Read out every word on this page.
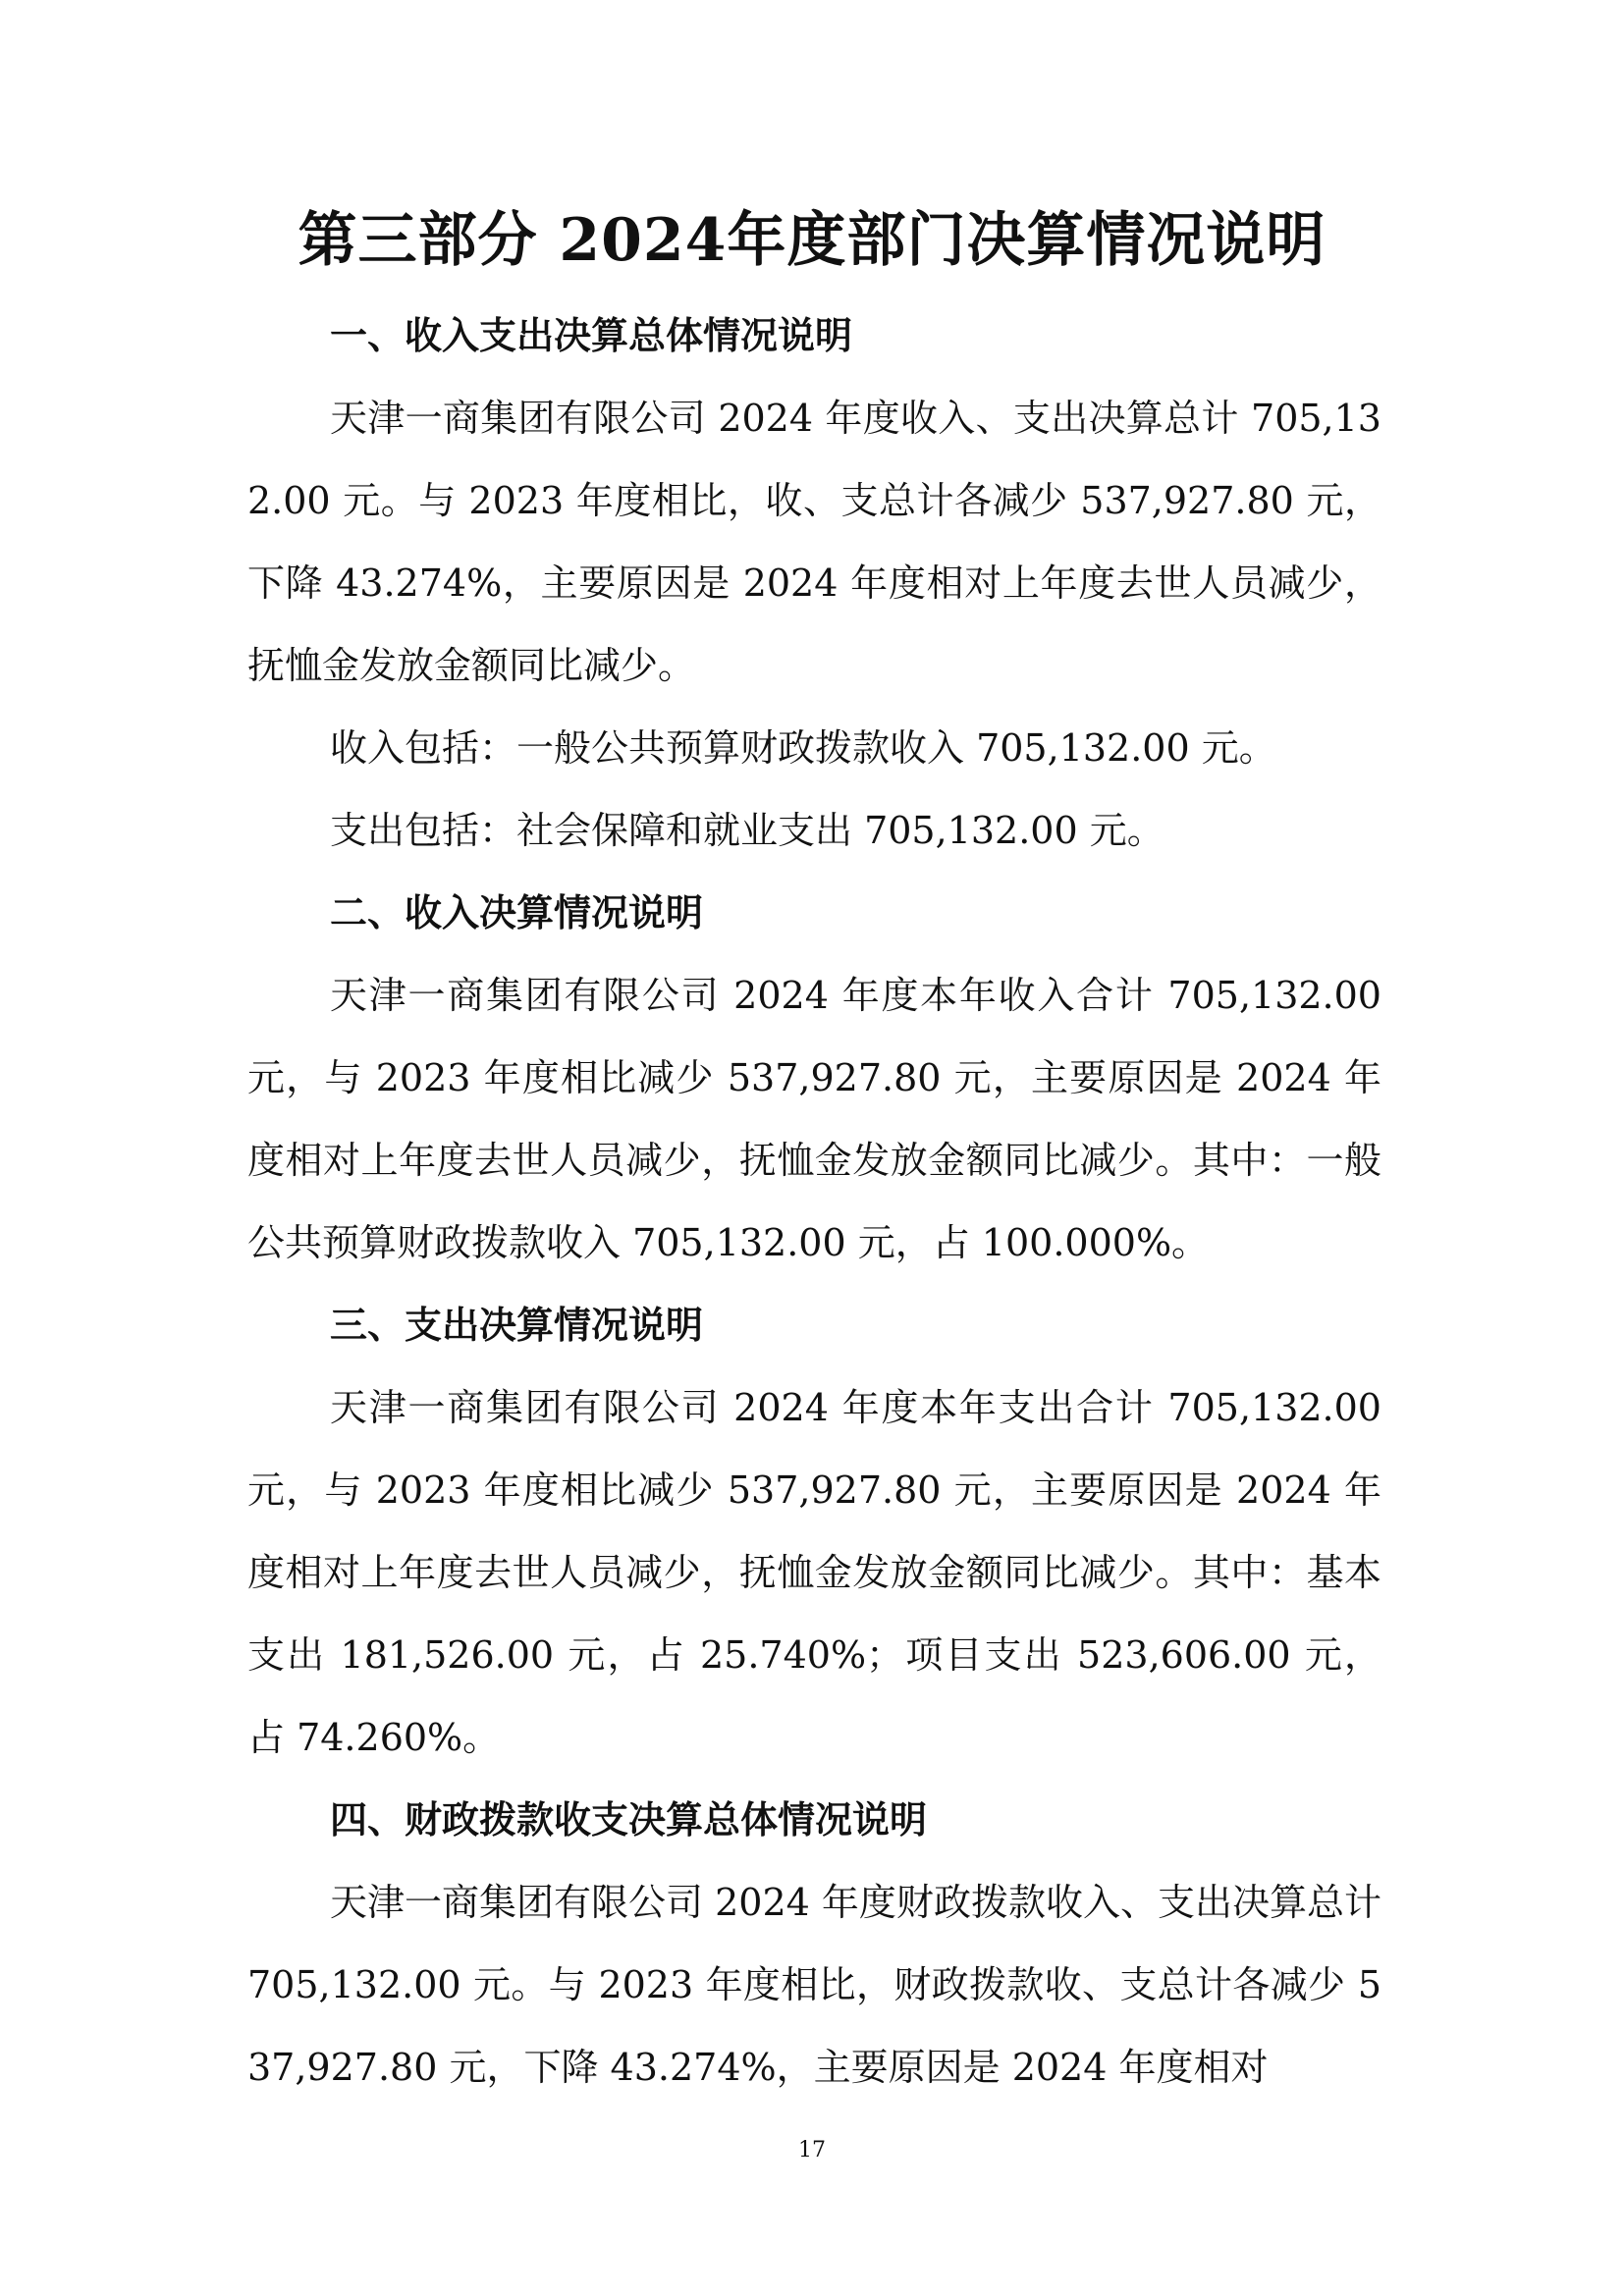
第三部分 2024年度部门决算情况说明
一、收入支出决算总体情况说明

天津一商集团有限公司 2024 年度收入、支出决算总计 705,132.00 元。与 2023 年度相比，收、支总计各减少 537,927.80 元，下降 43.274%，主要原因是 2024 年度相对上年度去世人员减少，抚恤金发放金额同比减少。

收入包括：一般公共预算财政拨款收入 705,132.00 元。

支出包括：社会保障和就业支出 705,132.00 元。

二、收入决算情况说明

天津一商集团有限公司 2024 年度本年收入合计 705,132.00 元，与 2023 年度相比减少 537,927.80 元，主要原因是 2024 年度相对上年度去世人员减少，抚恤金发放金额同比减少。其中：一般公共预算财政拨款收入 705,132.00 元，占 100.000%。

三、支出决算情况说明

天津一商集团有限公司 2024 年度本年支出合计 705,132.00 元，与 2023 年度相比减少 537,927.80 元，主要原因是 2024 年度相对上年度去世人员减少，抚恤金发放金额同比减少。其中：基本支出 181,526.00 元，占 25.740%；项目支出 523,606.00 元，占 74.260%。

四、财政拨款收支决算总体情况说明

天津一商集团有限公司 2024 年度财政拨款收入、支出决算总计 705,132.00 元。与 2023 年度相比，财政拨款收、支总计各减少 537,927.80 元，下降 43.274%，主要原因是 2024 年度相对

17
